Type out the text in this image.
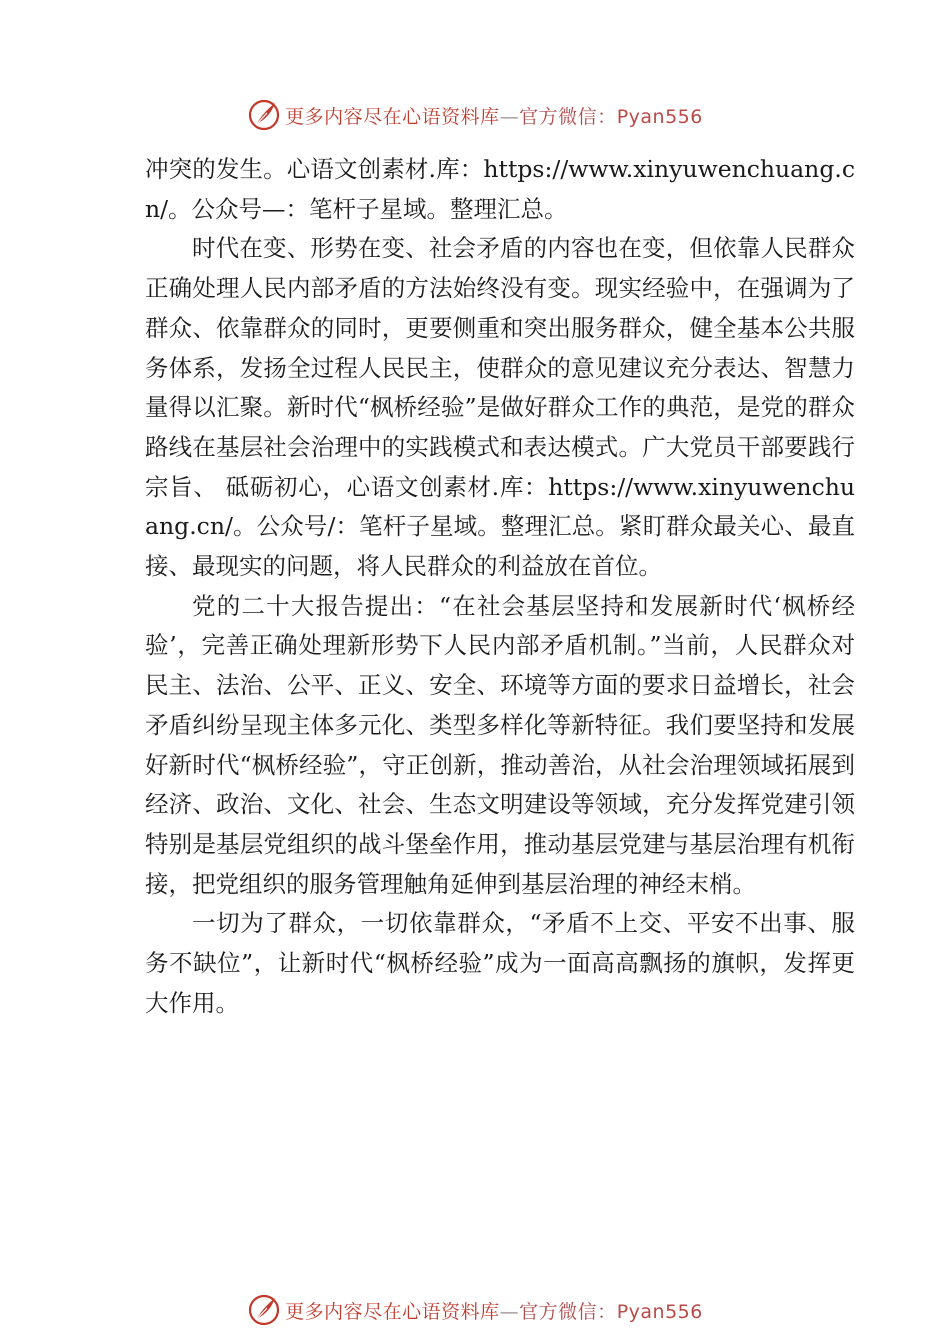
更多内容尽在心语资料库—官方微信：Pyan556

冲突的发生。心语文创素材.库：https://www.xinyuwenchuang.cn/。公众号—：笔杆子星域。整理汇总。

时代在变、形势在变、社会矛盾的内容也在变，但依靠人民群众正确处理人民内部矛盾的方法始终没有变。现实经验中，在强调为了群众、依靠群众的同时，更要侧重和突出服务群众，健全基本公共服务体系，发扬全过程人民民主，使群众的意见建议充分表达、智慧力量得以汇聚。新时代“枫桥经验”是做好群众工作的典范，是党的群众路线在基层社会治理中的实践模式和表达模式。广大党员干部要践行宗旨、 砥砺初心，心语文创素材.库：https://www.xinyuwenchuang.cn/。公众号/：笔杆子星域。整理汇总。紧盯群众最关心、最直接、最现实的问题，将人民群众的利益放在首位。

党的二十大报告提出：“在社会基层坚持和发展新时代‘枫桥经验’，完善正确处理新形势下人民内部矛盾机制。”当前，人民群众对民主、法治、公平、正义、安全、环境等方面的要求日益增长，社会矛盾纠纷呈现主体多元化、类型多样化等新特征。我们要坚持和发展好新时代“枫桥经验”，守正创新，推动善治，从社会治理领域拓展到经济、政治、文化、社会、生态文明建设等领域，充分发挥党建引领特别是基层党组织的战斗堡垒作用，推动基层党建与基层治理有机衔接，把党组织的服务管理触角延伸到基层治理的神经末梢。

一切为了群众，一切依靠群众，“矛盾不上交、平安不出事、服务不缺位”，让新时代“枫桥经验”成为一面高高飘扬的旗帜，发挥更大作用。

更多内容尽在心语资料库—官方微信：Pyan556
